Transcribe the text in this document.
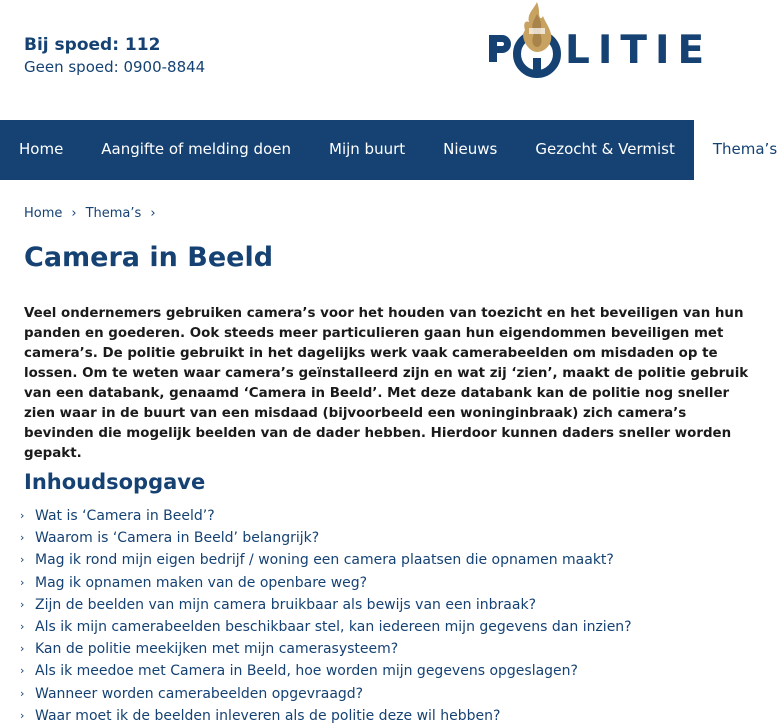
Bij spoed: 112
Geen spoed: 0900-8844	LITIE
Home	Aangifte of melding doen	Mijn buurt	Nieuws	Gezocht & Vermist	Thema’s
Home › Thema’s ›
Camera in Beeld

Veel ondernemers gebruiken camera’s voor het houden van toezicht en het beveiligen van hun panden en goederen. Ook steeds meer particulieren gaan hun eigendommen beveiligen met camera’s. De politie gebruikt in het dagelijks werk vaak camerabeelden om misdaden op te lossen. Om te weten waar camera’s geïnstalleerd zijn en wat zij ‘zien’, maakt de politie gebruik van een databank, genaamd ‘Camera in Beeld’. Met deze databank kan de politie nog sneller zien waar in de buurt van een misdaad (bijvoorbeeld een woninginbraak) zich camera’s bevinden die mogelijk beelden van de dader hebben. Hierdoor kunnen daders sneller worden gepakt.

Inhoudsopgave
› Wat is ‘Camera in Beeld’?
› Waarom is ‘Camera in Beeld’ belangrijk?
› Mag ik rond mijn eigen bedrijf / woning een camera plaatsen die opnamen maakt?
› Mag ik opnamen maken van de openbare weg?
› Zijn de beelden van mijn camera bruikbaar als bewijs van een inbraak?
› Als ik mijn camerabeelden beschikbaar stel, kan iedereen mijn gegevens dan inzien?
› Kan de politie meekijken met mijn camerasysteem?
› Als ik meedoe met Camera in Beeld, hoe worden mijn gegevens opgeslagen?
› Wanneer worden camerabeelden opgevraagd?
› Waar moet ik de beelden inleveren als de politie deze wil hebben?
